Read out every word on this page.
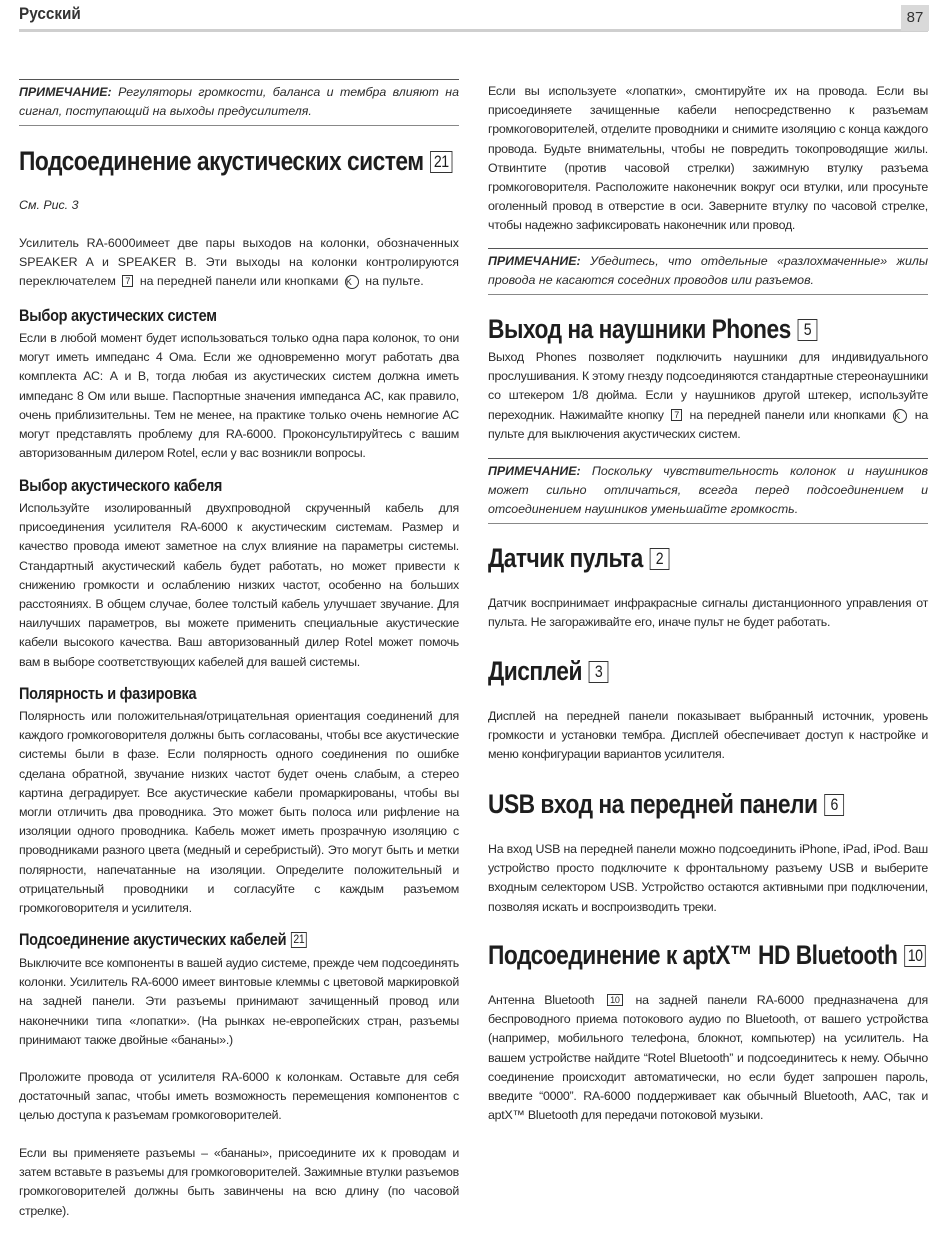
Русский	87
ПРИМЕЧАНИЕ: Регуляторы громкости, баланса и тембра влияют на сигнал, поступающий на выходы предусилителя.
Подсоединение акустических систем 21

См. Рис. 3

Усилитель RA-6000имеет две пары выходов на колонки, обозначенных SPEAKER A и SPEAKER B. Эти выходы на колонки контролируются переключателем 7 на передней панели или кнопками K на пульте.

Выбор акустических систем

Если в любой момент будет использоваться только одна пара колонок, то они могут иметь импеданс 4 Ома. Если же одновременно могут работать два комплекта АС: А и В, тогда любая из акустических систем должна иметь импеданс 8 Ом или выше. Паспортные значения импеданса АС, как правило, очень приблизительны. Тем не менее, на практике только очень немногие АС могут представлять проблему для RA-6000. Проконсультируйтесь с вашим авторизованным дилером Rotel, если у вас возникли вопросы.

Выбор акустического кабеля

Используйте изолированный двухпроводной скрученный кабель для присоединения усилителя RA-6000 к акустическим системам. Размер и качество провода имеют заметное на слух влияние на параметры системы. Стандартный акустический кабель будет работать, но может привести к снижению громкости и ослаблению низких частот, особенно на больших расстояниях. В общем случае, более толстый кабель улучшает звучание. Для наилучших параметров, вы можете применить специальные акустические кабели высокого качества. Ваш авторизованный дилер Rotel может помочь вам в выборе соответствующих кабелей для вашей системы.

Полярность и фазировка

Полярность или положительная/отрицательная ориентация соединений для каждого громкоговорителя должны быть согласованы, чтобы все акустические системы были в фазе. Если полярность одного соединения по ошибке сделана обратной, звучание низких частот будет очень слабым, а стерео картина деградирует. Все акустические кабели промаркированы, чтобы вы могли отличить два проводника. Это может быть полоса или рифление на изоляции одного проводника. Кабель может иметь прозрачную изоляцию с проводниками разного цвета (медный и серебристый). Это могут быть и метки полярности, напечатанные на изоляции. Определите положительный и отрицательный проводники и согласуйте с каждым разъемом громкоговорителя и усилителя.

Подсоединение акустических кабелей 21

Выключите все компоненты в вашей аудио системе, прежде чем подсоединять колонки. Усилитель RA-6000 имеет винтовые клеммы с цветовой маркировкой на задней панели. Эти разъемы принимают зачищенный провод или наконечники типа «лопатки». (На рынках не-европейских стран, разъемы принимают также двойные «бананы».)

Проложите провода от усилителя RA-6000 к колонкам. Оставьте для себя достаточный запас, чтобы иметь возможность перемещения компонентов с целью доступа к разъемам громкоговорителей.

Если вы применяете разъемы – «бананы», присоедините их к проводам и затем вставьте в разъемы для громкоговорителей. Зажимные втулки разъемов громкоговорителей должны быть завинчены на всю длину (по часовой стрелке).

Если вы используете «лопатки», смонтируйте их на провода. Если вы присоединяете зачищенные кабели непосредственно к разъемам громкоговорителей, отделите проводники и снимите изоляцию с конца каждого провода. Будьте внимательны, чтобы не повредить токопроводящие жилы. Отвинтите (против часовой стрелки) зажимную втулку разъема громкоговорителя. Расположите наконечник вокруг оси втулки, или просуньте оголенный провод в отверстие в оси. Заверните втулку по часовой стрелке, чтобы надежно зафиксировать наконечник или провод.

ПРИМЕЧАНИЕ: Убедитесь, что отдельные «разлохмаченные» жилы провода не касаются соседних проводов или разъемов.
Выход на наушники Phones 5

Выход Phones позволяет подключить наушники для индивидуального прослушивания. К этому гнезду подсоединяются стандартные стереонаушники со штекером 1/8 дюйма. Если у наушников другой штекер, используйте переходник. Нажимайте кнопку 7 на передней панели или кнопками K на пульте для выключения акустических систем.

ПРИМЕЧАНИЕ: Поскольку чувствительность колонок и наушников может сильно отличаться, всегда перед подсоединением и отсоединением наушников уменьшайте громкость.
Датчик пульта 2

Датчик воспринимает инфракрасные сигналы дистанционного управления от пульта. Не загораживайте его, иначе пульт не будет работать.

Дисплей 3

Дисплей на передней панели показывает выбранный источник, уровень громкости и установки тембра. Дисплей обеспечивает доступ к настройке и меню конфигурации вариантов усилителя.

USB вход на передней панели 6

На вход USB на передней панели можно подсоединить iPhone, iPad, iPod. Ваш устройство просто подключите к фронтальному разъему USB и выберите входным селектором USB. Устройство остаются активными при подключении, позволяя искать и воспроизводить треки.

Подсоединение к aptX™ HD Bluetooth 10

Антенна Bluetooth 10 на задней панели RA-6000 предназначена для беспроводного приема потокового аудио по Bluetooth, от вашего устройства (например, мобильного телефона, блокнот, компьютер) на усилитель. На вашем устройстве найдите “Rotel Bluetooth” и подсоединитесь к нему. Обычно соединение происходит автоматически, но если будет запрошен пароль, введите “0000”. RA-6000 поддерживает как обычный Bluetooth, AAC, так и aptX™ Bluetooth для передачи потоковой музыки.
